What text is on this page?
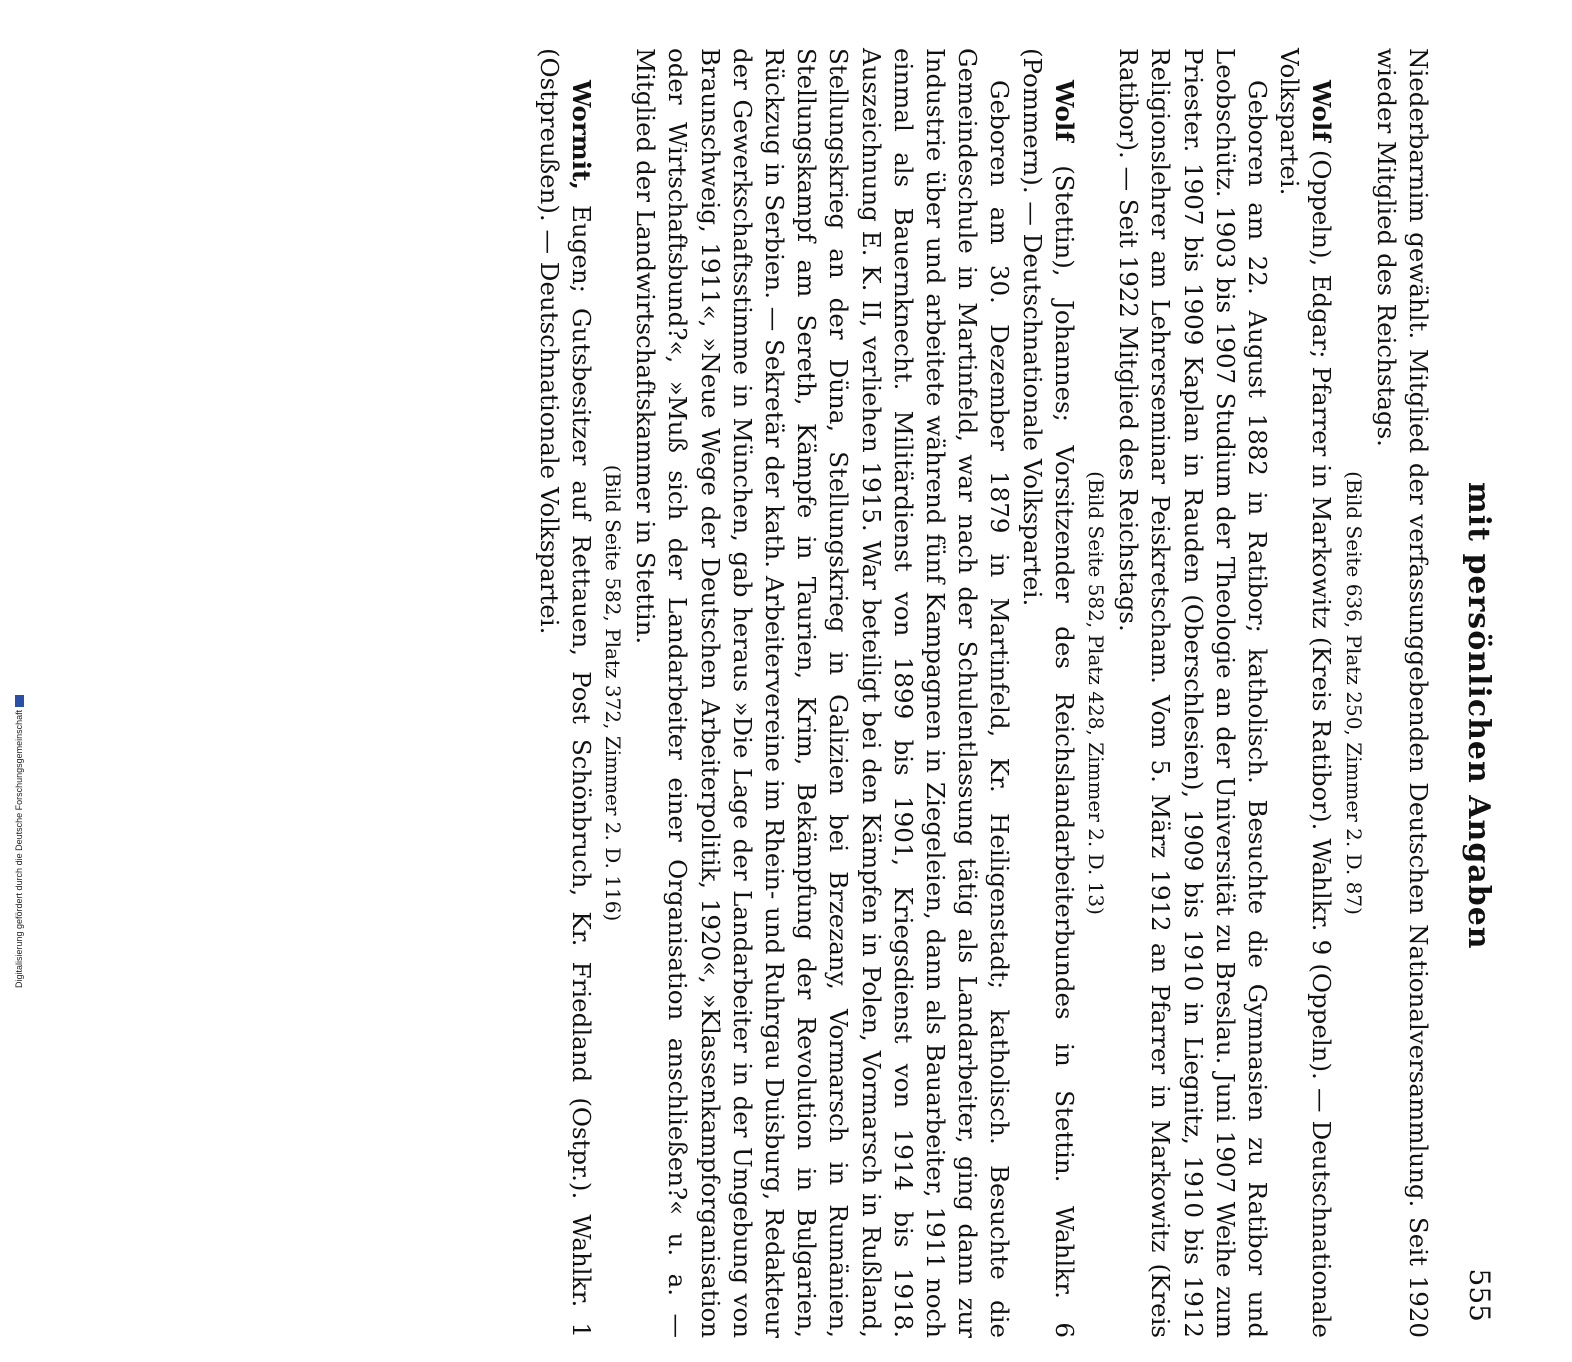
mit persönlichen Angaben
555

Niederbarnim gewählt. Mitglied der verfassunggebenden Deutschen Nationalversammlung. Seit 1920 wieder Mitglied des Reichstags.

(Bild Seite 636, Platz 250, Zimmer 2. D. 87)

Wolf (Oppeln), Edgar; Pfarrer in Markowitz (Kreis Ratibor). Wahlkr. 9 (Oppeln). — Deutschnationale Volkspartei.

Geboren am 22. August 1882 in Ratibor; katholisch. Besuchte die Gymnasien zu Ratibor und Leobschütz. 1903 bis 1907 Studium der Theologie an der Universität zu Breslau. Juni 1907 Weihe zum Priester. 1907 bis 1909 Kaplan in Rauden (Oberschlesien), 1909 bis 1910 in Liegnitz, 1910 bis 1912 Religionslehrer am Lehrerseminar Peiskretscham. Vom 5. März 1912 an Pfarrer in Markowitz (Kreis Ratibor). — Seit 1922 Mitglied des Reichstags.

(Bild Seite 582, Platz 428, Zimmer 2. D. 13)

Wolf (Stettin), Johannes; Vorsitzender des Reichslandarbeiterbundes in Stettin. Wahlkr. 6 (Pommern). — Deutschnationale Volkspartei.

Geboren am 30. Dezember 1879 in Martinfeld, Kr. Heiligenstadt; katholisch. Besuchte die Gemeindeschule in Martinfeld, war nach der Schulentlassung tätig als Landarbeiter, ging dann zur Industrie über und arbeitete während fünf Kampagnen in Ziegeleien, dann als Bauarbeiter, 1911 noch einmal als Bauernknecht. Militärdienst von 1899 bis 1901, Kriegsdienst von 1914 bis 1918. Auszeichnung E. K. II, verliehen 1915. War beteiligt bei den Kämpfen in Polen, Vormarsch in Rußland, Stellungskrieg an der Düna, Stellungskrieg in Galizien bei Brzezany, Vormarsch in Rumänien, Stellungskampf am Sereth, Kämpfe in Taurien, Krim, Bekämpfung der Revolution in Bulgarien, Rückzug in Serbien. — Sekretär der kath. Arbeitervereine im Rhein- und Ruhrgau Duisburg, Redakteur der Gewerkschaftsstimme in München, gab heraus »Die Lage der Landarbeiter in der Umgebung von Braunschweig, 1911«, »Neue Wege der Deutschen Arbeiterpolitik, 1920«, »Klassenkampforganisation oder Wirtschaftsbund?«, »Muß sich der Landarbeiter einer Organisation anschließen?« u. a. — Mitglied der Landwirtschaftskammer in Stettin.

(Bild Seite 582, Platz 372, Zimmer 2. D. 116)

Wormit, Eugen; Gutsbesitzer auf Rettauen, Post Schönbruch, Kr. Friedland (Ostpr.). Wahlkr. 1 (Ostpreußen). — Deutschnationale Volkspartei.

Digitalisierung gefördert durch die Deutsche Forschungsgemeinschaft
